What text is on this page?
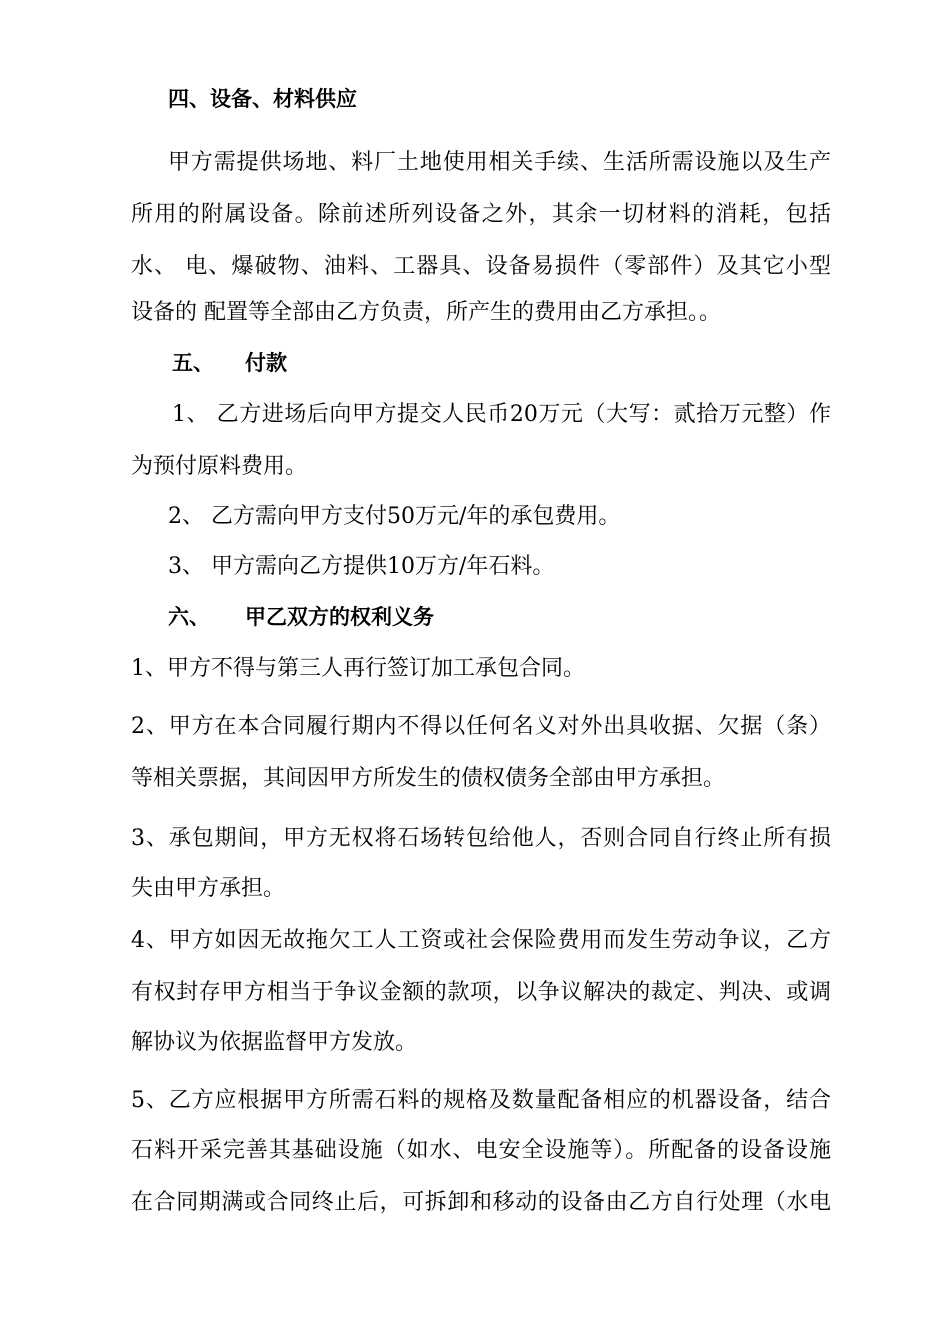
四、设备、材料供应
甲方需提供场地、料厂土地使用相关手续、生活所需设施以及生产
所用的附属设备。除前述所列设备之外，其余一切材料的消耗，包括
水、 电、爆破物、油料、工器具、设备易损件（零部件）及其它小型
设备的 配置等全部由乙方负责，所产生的费用由乙方承担。。
五、	付款
1、 乙方进场后向甲方提交人民币20万元（大写：贰拾万元整）作
为预付原料费用。
2、 乙方需向甲方支付50万元/年的承包费用。
3、 甲方需向乙方提供10万方/年石料。
六、	甲乙双方的权利义务
1、甲方不得与第三人再行签订加工承包合同。
2、甲方在本合同履行期内不得以任何名义对外出具收据、欠据（条）
等相关票据，其间因甲方所发生的债权债务全部由甲方承担。
3、承包期间，甲方无权将石场转包给他人，否则合同自行终止所有损
失由甲方承担。
4、甲方如因无故拖欠工人工资或社会保险费用而发生劳动争议，乙方
有权封存甲方相当于争议金额的款项，以争议解决的裁定、判决、或调
解协议为依据监督甲方发放。
5、乙方应根据甲方所需石料的规格及数量配备相应的机器设备，结合
石料开采完善其基础设施（如水、电安全设施等）。所配备的设备设施
在合同期满或合同终止后，可拆卸和移动的设备由乙方自行处理（水电
